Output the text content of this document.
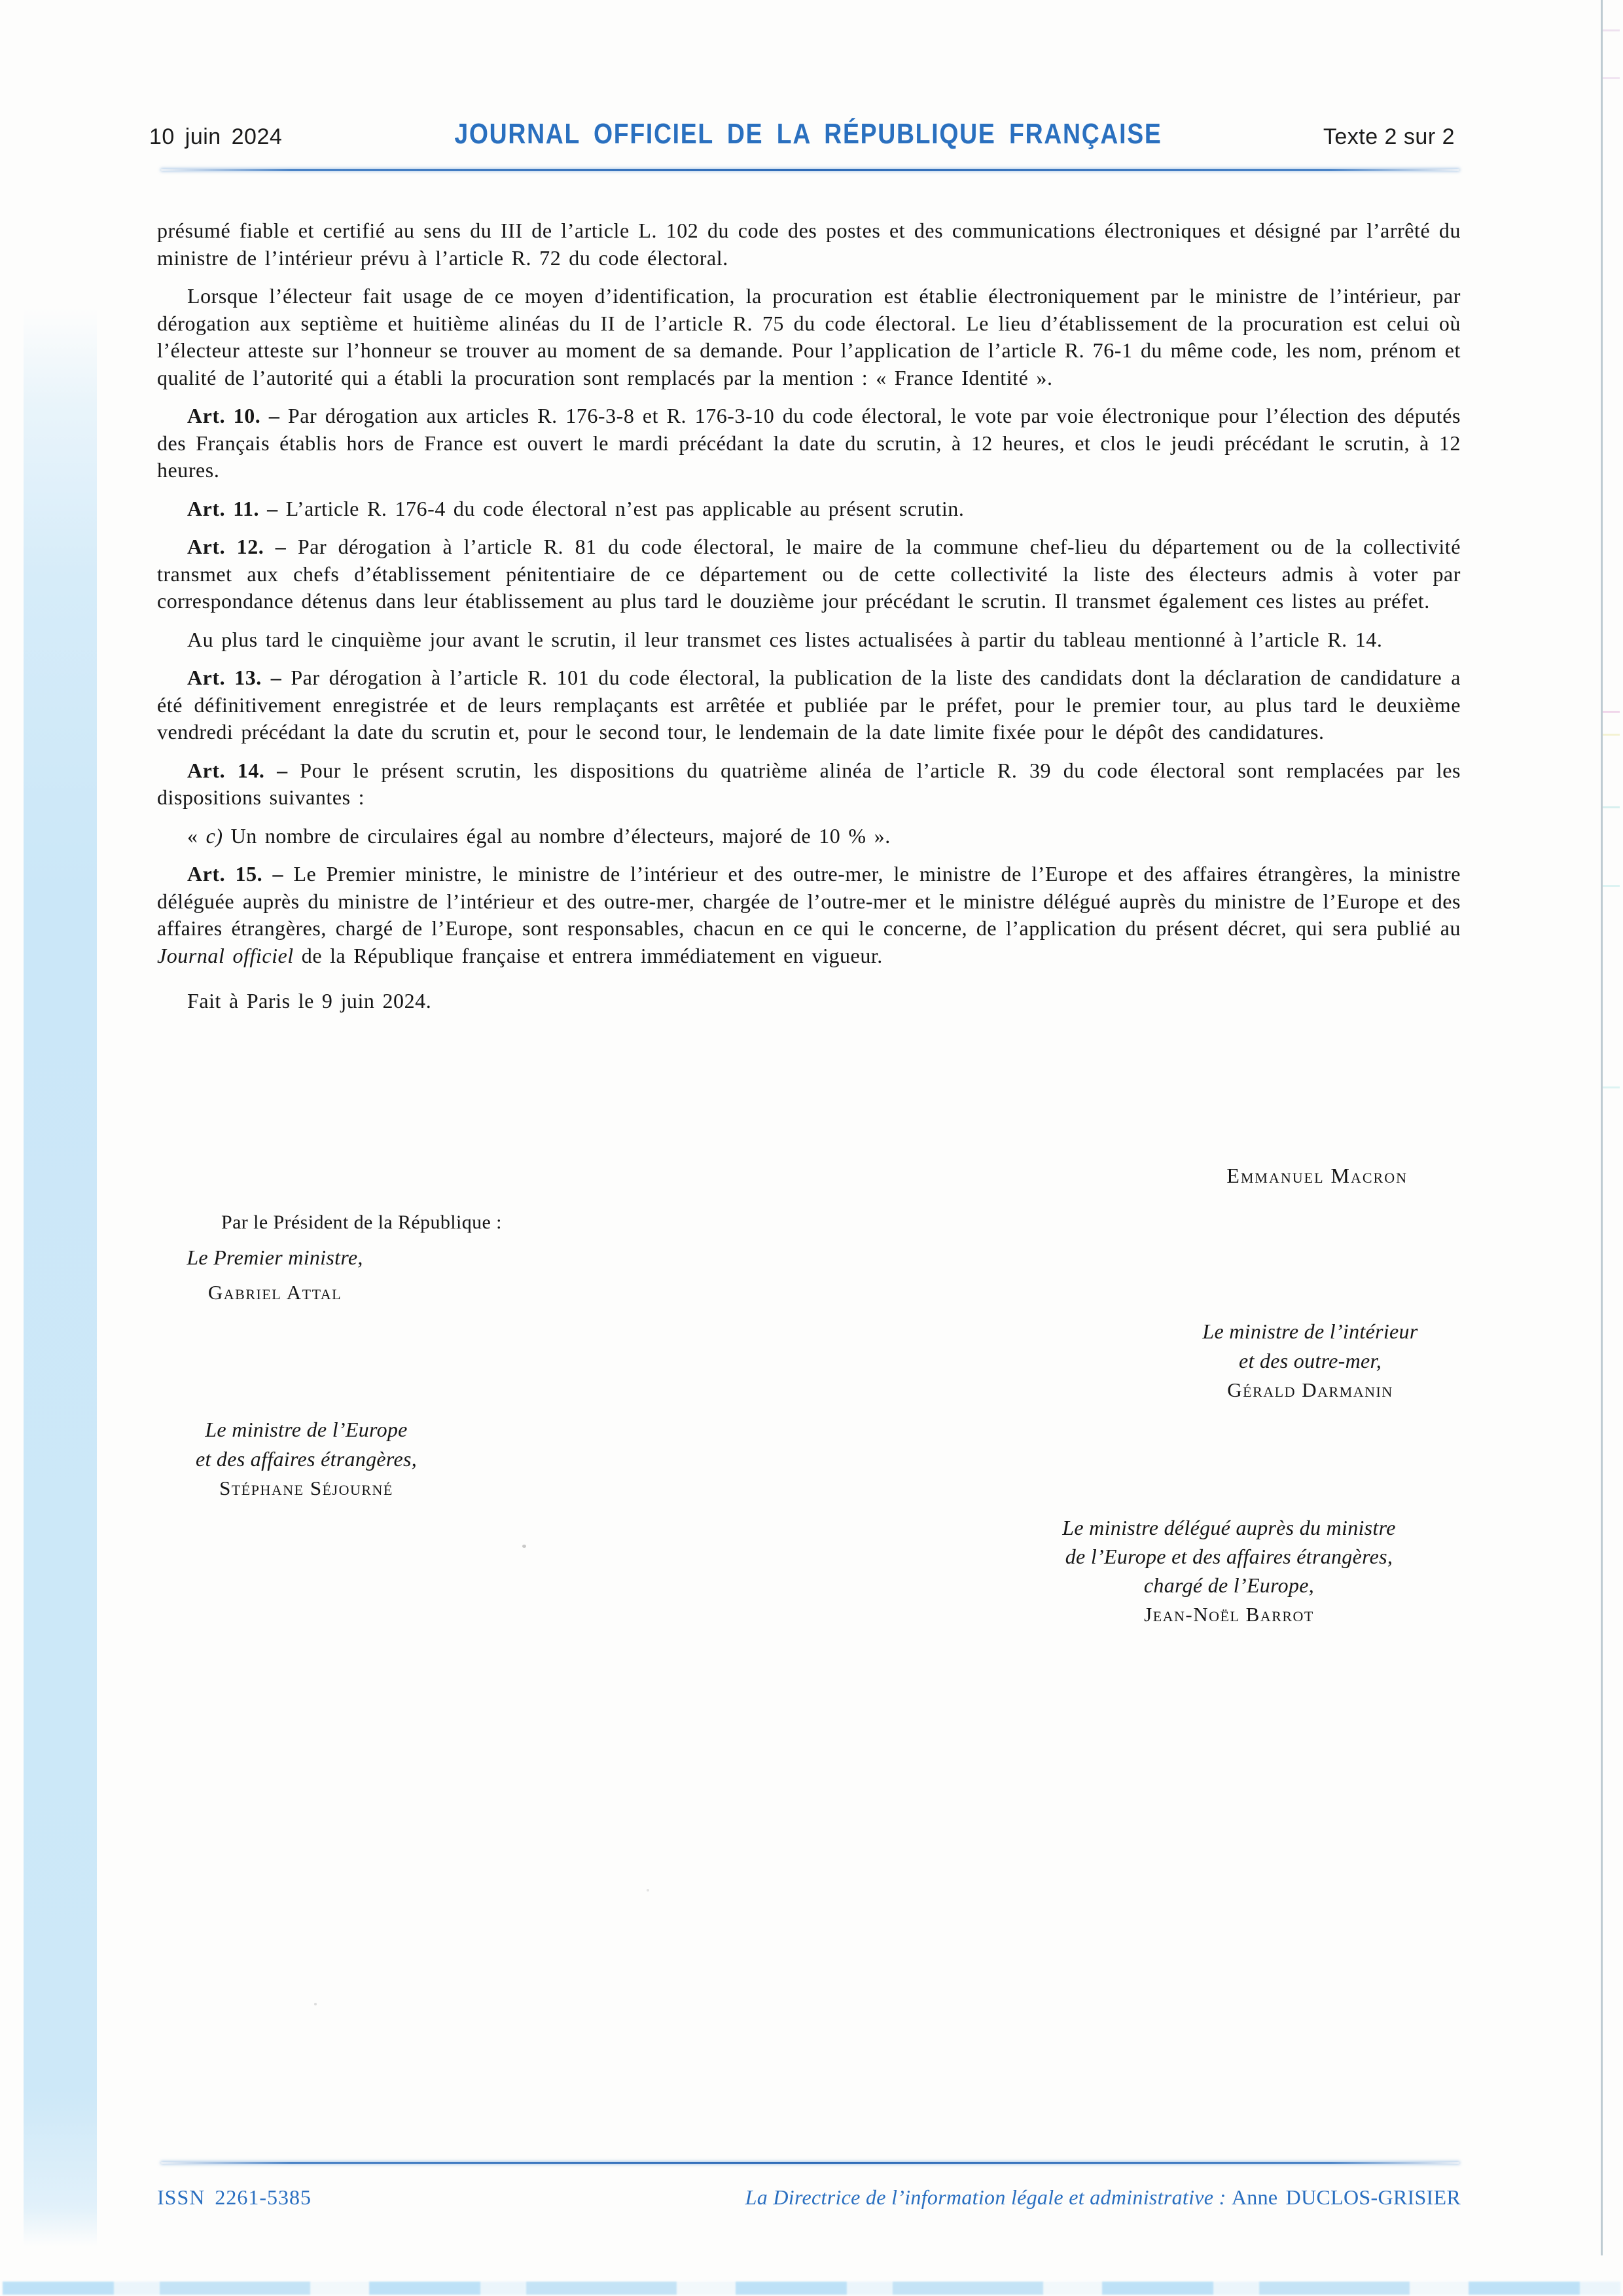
10 juin 2024	JOURNAL OFFICIEL DE LA RÉPUBLIQUE FRANÇAISE	Texte 2 sur 2

présumé fiable et certifié au sens du III de l’article L. 102 du code des postes et des communications électroniques et désigné par l’arrêté du ministre de l’intérieur prévu à l’article R. 72 du code électoral.

Lorsque l’électeur fait usage de ce moyen d’identification, la procuration est établie électroniquement par le ministre de l’intérieur, par dérogation aux septième et huitième alinéas du II de l’article R. 75 du code électoral. Le lieu d’établissement de la procuration est celui où l’électeur atteste sur l’honneur se trouver au moment de sa demande. Pour l’application de l’article R. 76-1 du même code, les nom, prénom et qualité de l’autorité qui a établi la procuration sont remplacés par la mention : « France Identité ».

Art. 10. – Par dérogation aux articles R. 176-3-8 et R. 176-3-10 du code électoral, le vote par voie électronique pour l’élection des députés des Français établis hors de France est ouvert le mardi précédant la date du scrutin, à 12 heures, et clos le jeudi précédant le scrutin, à 12 heures.

Art. 11. – L’article R. 176-4 du code électoral n’est pas applicable au présent scrutin.

Art. 12. – Par dérogation à l’article R. 81 du code électoral, le maire de la commune chef-lieu du département ou de la collectivité transmet aux chefs d’établissement pénitentiaire de ce département ou de cette collectivité la liste des électeurs admis à voter par correspondance détenus dans leur établissement au plus tard le douzième jour précédant le scrutin. Il transmet également ces listes au préfet.

Au plus tard le cinquième jour avant le scrutin, il leur transmet ces listes actualisées à partir du tableau mentionné à l’article R. 14.

Art. 13. – Par dérogation à l’article R. 101 du code électoral, la publication de la liste des candidats dont la déclaration de candidature a été définitivement enregistrée et de leurs remplaçants est arrêtée et publiée par le préfet, pour le premier tour, au plus tard le deuxième vendredi précédant la date du scrutin et, pour le second tour, le lendemain de la date limite fixée pour le dépôt des candidatures.

Art. 14. – Pour le présent scrutin, les dispositions du quatrième alinéa de l’article R. 39 du code électoral sont remplacées par les dispositions suivantes :

« c) Un nombre de circulaires égal au nombre d’électeurs, majoré de 10 % ».

Art. 15. – Le Premier ministre, le ministre de l’intérieur et des outre-mer, le ministre de l’Europe et des affaires étrangères, la ministre déléguée auprès du ministre de l’intérieur et des outre-mer, chargée de l’outre-mer et le ministre délégué auprès du ministre de l’Europe et des affaires étrangères, chargé de l’Europe, sont responsables, chacun en ce qui le concerne, de l’application du présent décret, qui sera publié au Journal officiel de la République française et entrera immédiatement en vigueur.

Fait à Paris le 9 juin 2024.

Emmanuel Macron
Par le Président de la République :
Le Premier ministre,
Gabriel Attal
Le ministre de l’intérieur
et des outre-mer,
Gérald Darmanin
Le ministre de l’Europe
et des affaires étrangères,
Stéphane Séjourné
Le ministre délégué auprès du ministre
de l’Europe et des affaires étrangères,
chargé de l’Europe,
Jean-Noël Barrot
ISSN 2261-5385	La Directrice de l’information légale et administrative : Anne DUCLOS-GRISIER
